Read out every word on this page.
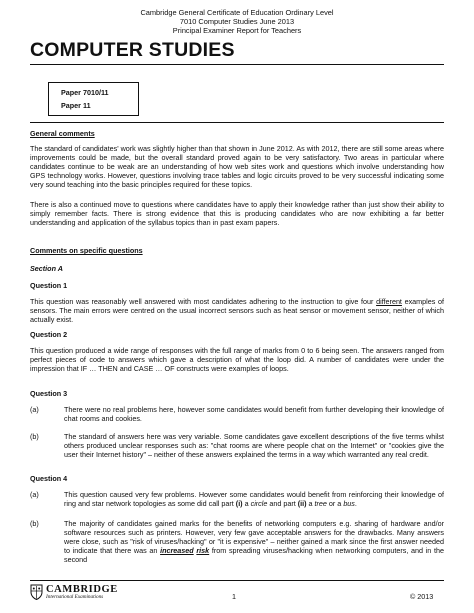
Cambridge General Certificate of Education Ordinary Level
7010 Computer Studies June 2013
Principal Examiner Report for Teachers
COMPUTER STUDIES
Paper 7010/11
Paper 11
General comments
The standard of candidates' work was slightly higher than that shown in June 2012. As with 2012, there are still some areas where improvements could be made, but the overall standard proved again to be very satisfactory. Two areas in particular where candidates continue to be weak are an understanding of how web sites work and questions which involve understanding how GPS technology works. However, questions involving trace tables and logic circuits proved to be very successful indicating some very sound teaching into the basic principles required for these topics.
There is also a continued move to questions where candidates have to apply their knowledge rather than just show their ability to simply remember facts. There is strong evidence that this is producing candidates who are now exhibiting a far better understanding and application of the syllabus topics than in past exam papers.
Comments on specific questions
Section A
Question 1
This question was reasonably well answered with most candidates adhering to the instruction to give four different examples of sensors. The main errors were centred on the usual incorrect sensors such as heat sensor or movement sensor, neither of which actually exist.
Question 2
This question produced a wide range of responses with the full range of marks from 0 to 6 being seen. The answers ranged from perfect pieces of code to answers which gave a description of what the loop did. A number of candidates were under the impression that IF … THEN and CASE … OF constructs were examples of loops.
Question 3
(a)	There were no real problems here, however some candidates would benefit from further developing their knowledge of chat rooms and cookies.
(b)	The standard of answers here was very variable. Some candidates gave excellent descriptions of the five terms whilst others produced unclear responses such as: "chat rooms are where people chat on the Internet" or "cookies give the user their Internet history" – neither of these answers explained the terms in a way which warranted any real credit.
Question 4
(a)	This question caused very few problems. However some candidates would benefit from reinforcing their knowledge of ring and star network topologies as some did call part (i) a circle and part (ii) a tree or a bus.
(b)	The majority of candidates gained marks for the benefits of networking computers e.g. sharing of hardware and/or software resources such as printers. However, very few gave acceptable answers for the drawbacks. Many answers were close, such as "risk of viruses/hacking" or "it is expensive" – neither gained a mark since the first answer needed to indicate that there was an increased risk from spreading viruses/hacking when networking computers, and in the second
CAMBRIDGE
International Examinations	1	© 2013
